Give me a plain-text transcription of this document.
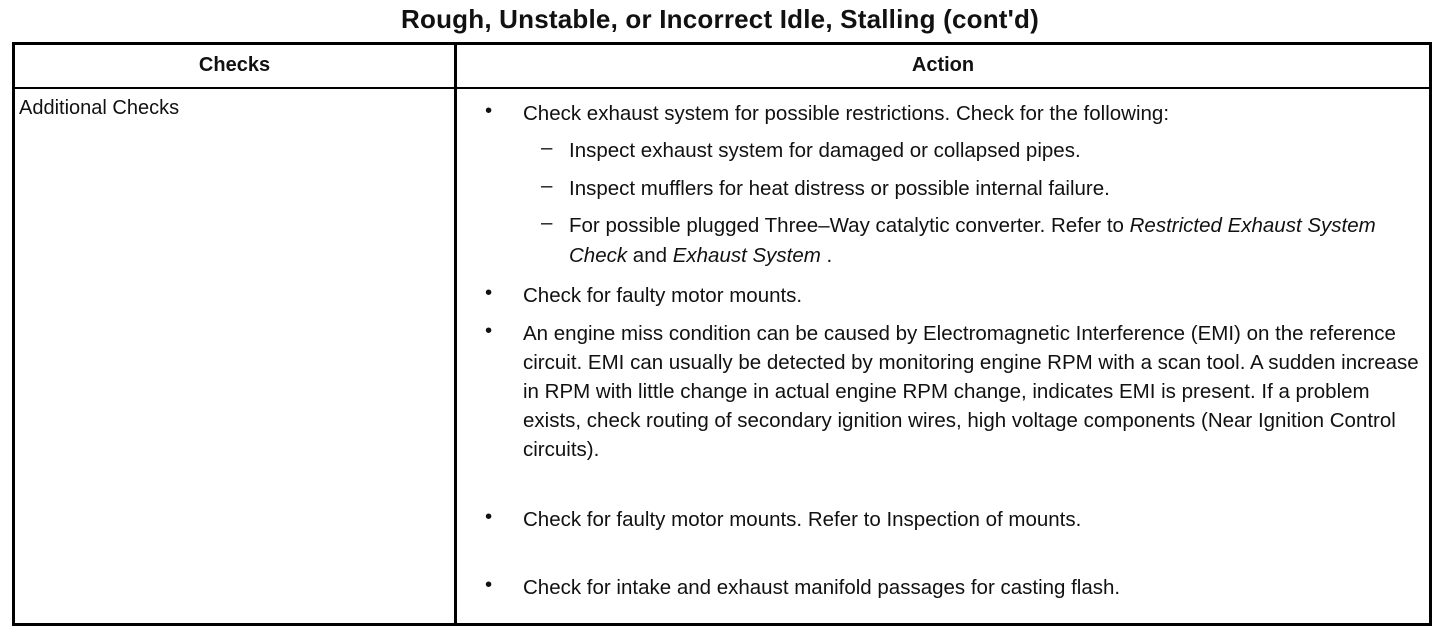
Rough, Unstable, or Incorrect Idle, Stalling (cont'd)
Checks	Action
Additional Checks	•	Check exhaust system for possible restrictions. Check for the following:
– Inspect exhaust system for damaged or collapsed pipes.
– Inspect mufflers for heat distress or possible internal failure.
– For possible plugged Three–Way catalytic converter. Refer to Restricted Exhaust System Check and Exhaust System .
•	Check for faulty motor mounts.
•	An engine miss condition can be caused by Electromagnetic Interference (EMI) on the reference circuit. EMI can usually be detected by monitoring engine RPM with a scan tool. A sudden increase in RPM with little change in actual engine RPM change, indicates EMI is present. If a problem exists, check routing of secondary ignition wires, high voltage components (Near Ignition Control circuits).
•	Check for faulty motor mounts. Refer to Inspection of mounts.
•	Check for intake and exhaust manifold passages for casting flash.
